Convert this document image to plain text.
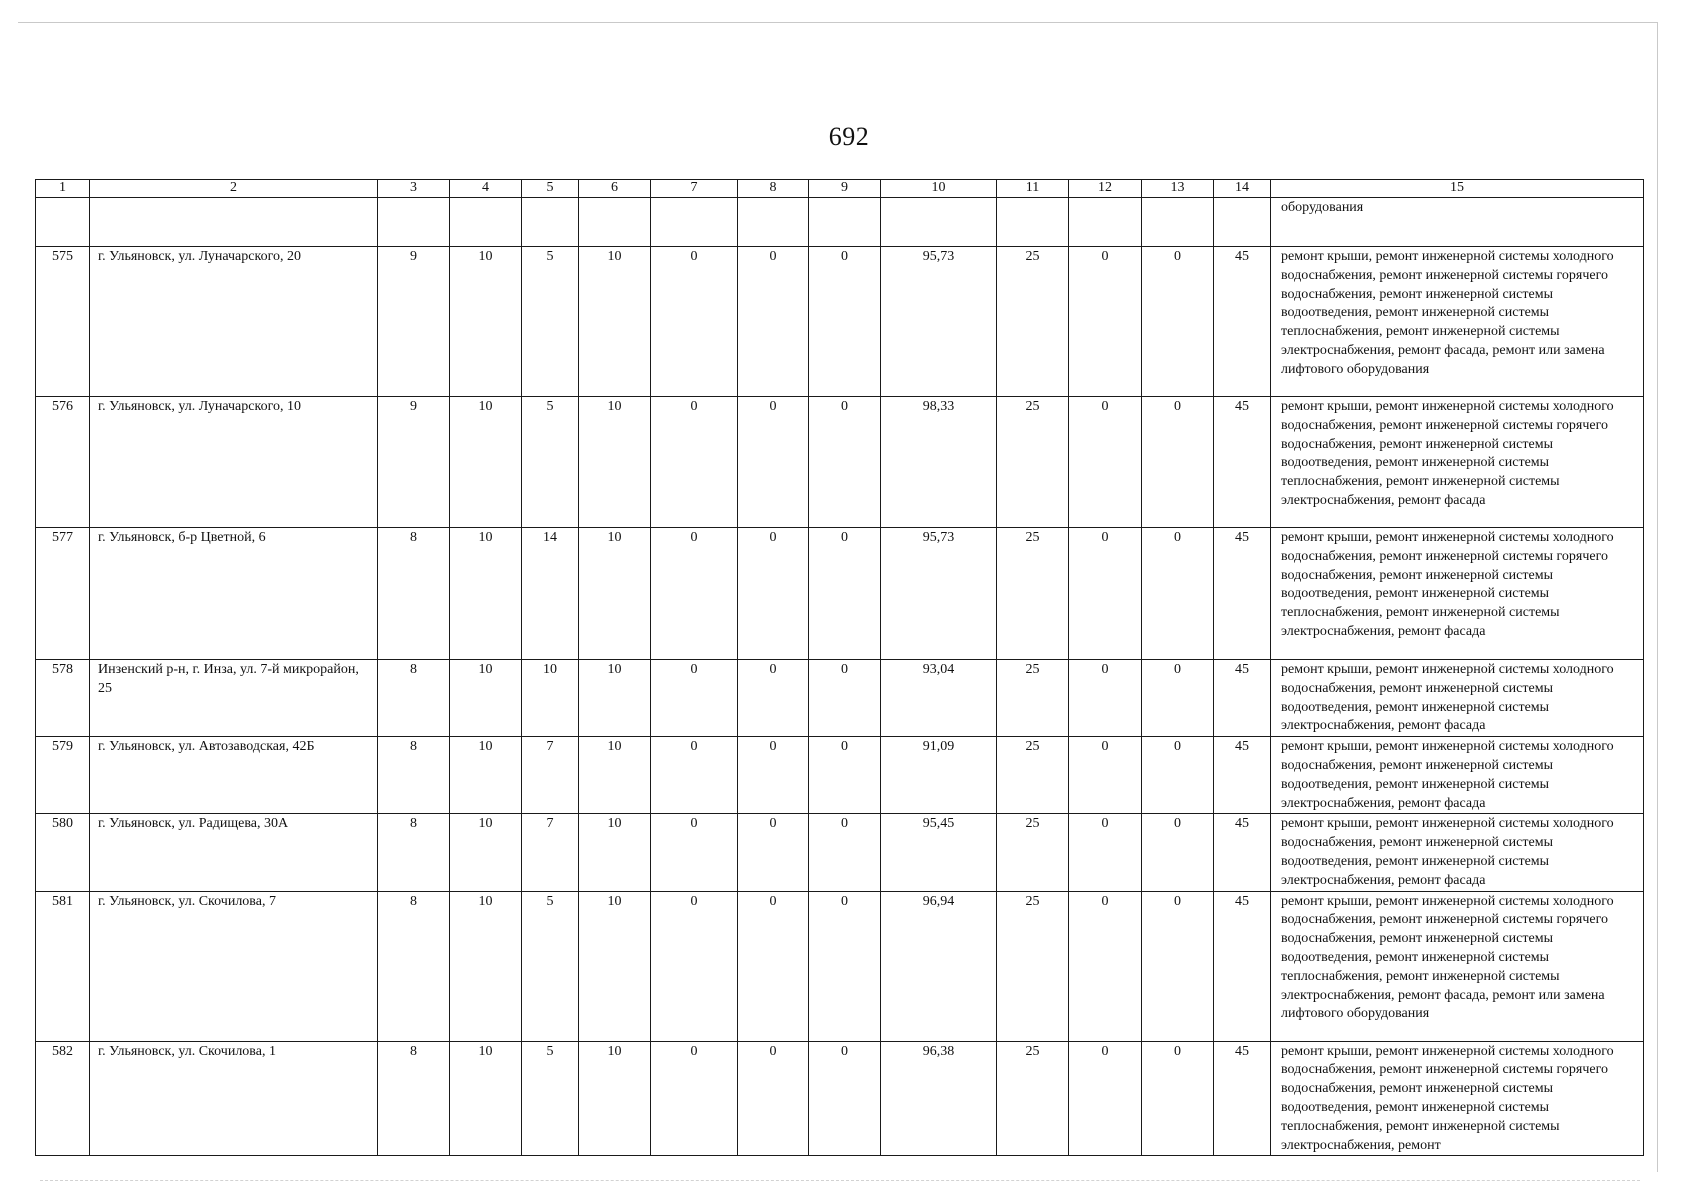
692
1	2	3	4	5	6	7	8	9	10	11	12	13	14	15
														оборудования
575	г. Ульяновск, ул. Луначарского, 20	9	10	5	10	0	0	0	95,73	25	0	0	45	ремонт крыши, ремонт инженерной системы холодного водоснабжения, ремонт инженерной системы горячего водоснабжения, ремонт инженерной системы водоотведения, ремонт инженерной системы теплоснабжения, ремонт инженерной системы электроснабжения, ремонт фасада, ремонт или замена лифтового оборудования
576	г. Ульяновск, ул. Луначарского, 10	9	10	5	10	0	0	0	98,33	25	0	0	45	ремонт крыши, ремонт инженерной системы холодного водоснабжения, ремонт инженерной системы горячего водоснабжения, ремонт инженерной системы водоотведения, ремонт инженерной системы теплоснабжения, ремонт инженерной системы электроснабжения, ремонт фасада
577	г. Ульяновск, б-р Цветной, 6	8	10	14	10	0	0	0	95,73	25	0	0	45	ремонт крыши, ремонт инженерной системы холодного водоснабжения, ремонт инженерной системы горячего водоснабжения, ремонт инженерной системы водоотведения, ремонт инженерной системы теплоснабжения, ремонт инженерной системы электроснабжения, ремонт фасада
578	Инзенский р-н, г. Инза, ул. 7-й микрорайон, 25	8	10	10	10	0	0	0	93,04	25	0	0	45	ремонт крыши, ремонт инженерной системы холодного водоснабжения, ремонт инженерной системы водоотведения, ремонт инженерной системы электроснабжения, ремонт фасада
579	г. Ульяновск, ул. Автозаводская, 42Б	8	10	7	10	0	0	0	91,09	25	0	0	45	ремонт крыши, ремонт инженерной системы холодного водоснабжения, ремонт инженерной системы водоотведения, ремонт инженерной системы электроснабжения, ремонт фасада
580	г. Ульяновск, ул. Радищева, 30А	8	10	7	10	0	0	0	95,45	25	0	0	45	ремонт крыши, ремонт инженерной системы холодного водоснабжения, ремонт инженерной системы водоотведения, ремонт инженерной системы электроснабжения, ремонт фасада
581	г. Ульяновск, ул. Скочилова, 7	8	10	5	10	0	0	0	96,94	25	0	0	45	ремонт крыши, ремонт инженерной системы холодного водоснабжения, ремонт инженерной системы горячего водоснабжения, ремонт инженерной системы водоотведения, ремонт инженерной системы теплоснабжения, ремонт инженерной системы электроснабжения, ремонт фасада, ремонт или замена лифтового оборудования
582	г. Ульяновск, ул. Скочилова, 1	8	10	5	10	0	0	0	96,38	25	0	0	45	ремонт крыши, ремонт инженерной системы холодного водоснабжения, ремонт инженерной системы горячего водоснабжения, ремонт инженерной системы водоотведения, ремонт инженерной системы теплоснабжения, ремонт инженерной системы электроснабжения, ремонт
